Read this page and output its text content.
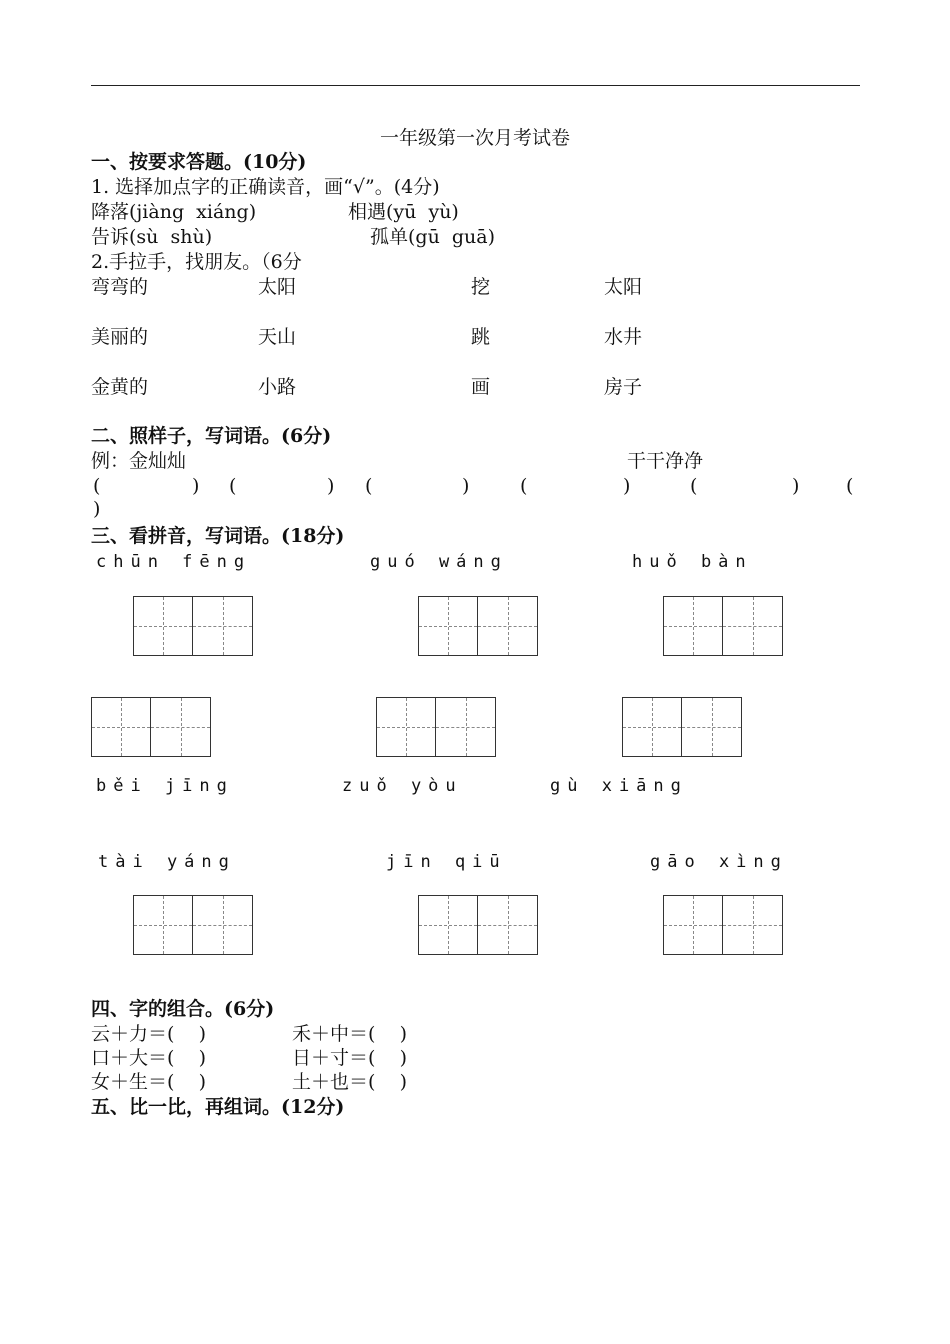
一年级第一次月考试卷
一、按要求答题。(10分)
1. 选择加点字的正确读音，画“√”。(4分)
降落(jiàng  xiáng)	相遇(yū  yù)
告诉(sù  shù)	孤单(gū  guā)
2.手拉手，找朋友。（6分
弯弯的	太阳	挖	太阳
美丽的	天山	跳	水井
金黄的	小路	画	房子
二、照样子，写词语。(6分)
例：金灿灿	干干净净
(	) (	) (	)	(	)	(	) (
)
三、看拼音，写词语。(18分)
chūn fēng	guó wáng	huǒ bàn
běi jīng	zuǒ yòu	gù xiāng
tài yáng	jīn qiū	gāo xìng
四、字的组合。(6分)
云＋力＝(    )	禾＋中＝(    )
口＋大＝(    )	日＋寸＝(    )
女＋生＝(    )	土＋也＝(    )
五、比一比，再组词。(12分)
